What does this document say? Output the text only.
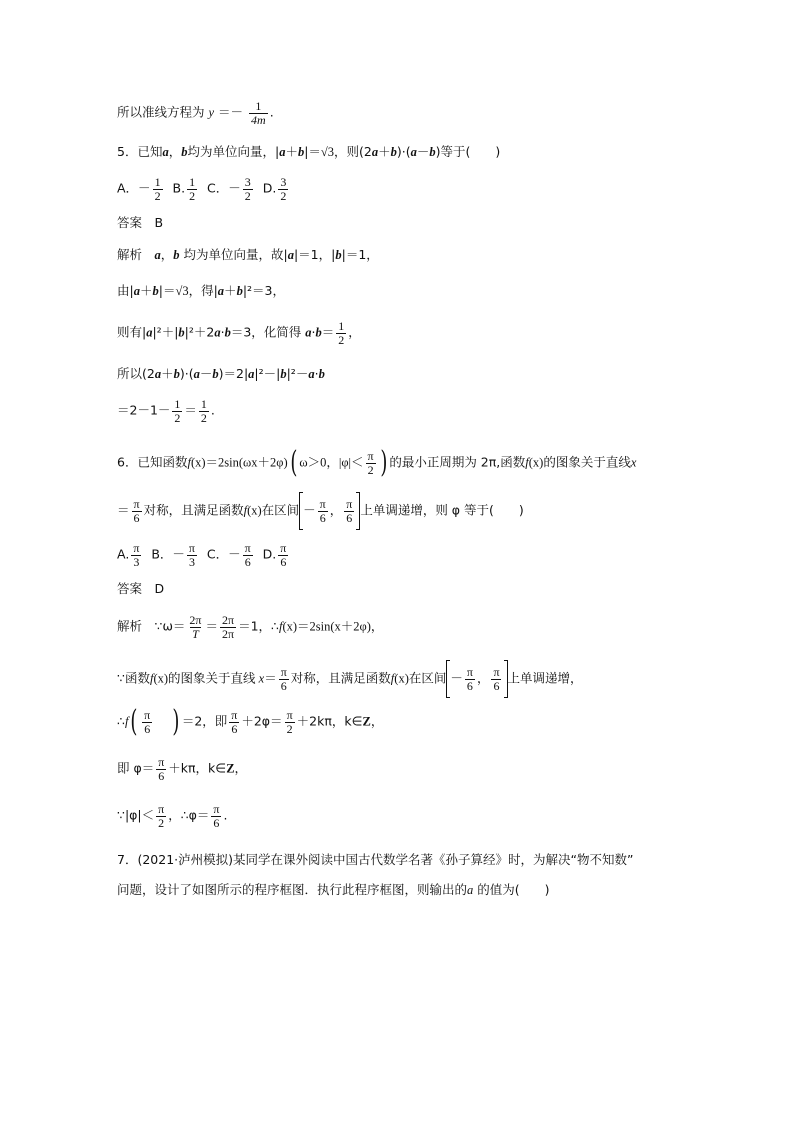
所以准线方程为 $y =- \frac{1}{4m}$ .
5．已知a，b均为单位向量，|a＋b|＝√3，则(2a＋b)·(a－b)等于(　　)
A．－ $\frac{1}{2} B$. $\frac{1}{2}$ C．－ $\frac{3}{2} D$. $\frac{3}{2}$
答案　B
解析　a，b 均为单位向量，故|a|＝1，|b|＝1，
由|a＋b|＝√3，得|a＋b|²＝3，
则有|a|²＋|b|²＋2a·b＝3，化简得 $a\cdot b= \frac{1}{2}$ ，
所以(2a＋b)·(a－b)＝2|a|²－|b|²－a·b
$=2-1- \frac{1}{2} = \frac{1}{2}$ .
6．已知函数f(x)＝2sin(ωx＋2φ)( ω＞0，$|\varphi|< \frac{\pi}{2}$ ) 的最小正周期为 2π,函数f(x)的图象关于直线x
＝ $\frac{\pi}{6}$ 对称，且满足函数f(x)在区间 － $\frac{\pi}{6}$ ， $\frac{\pi}{6}$ 上单调递增，则 φ 等于(　　)
A. $\frac{\pi}{3}$ B．－ $\frac{\pi}{3}$ C．－ $\frac{\pi}{6} D$. $\frac{\pi}{6}$
答案　D
解析　∵ω＝ $\frac{2\pi}{T} = \frac{2\pi}{2\pi} =1$，∴f(x)＝2sin(x＋2φ)，
∵函数f(x)的图象关于直线 $x= \frac{\pi}{6}$ 对称，且满足函数f(x)在区间 － $\frac{\pi}{6}$ ， $\frac{\pi}{6}$ 上单调递增，
∴f( $\frac{\pi}{6}$ ) ＝2，即 $\frac{\pi}{6} +2\varphi= \frac{\pi}{2} +2k\pi$，k∈Z，
即 $\varphi= \frac{\pi}{6} +k\pi$，k∈Z，
∵|φ|＜ $\frac{\pi}{2}$ ，∴φ＝ $\frac{\pi}{6}$ .
7．(2021·泸州模拟)某同学在课外阅读中国古代数学名著《孙子算经》时，为解决“物不知数”
问题，设计了如图所示的程序框图．执行此程序框图，则输出的a 的值为(　　)
